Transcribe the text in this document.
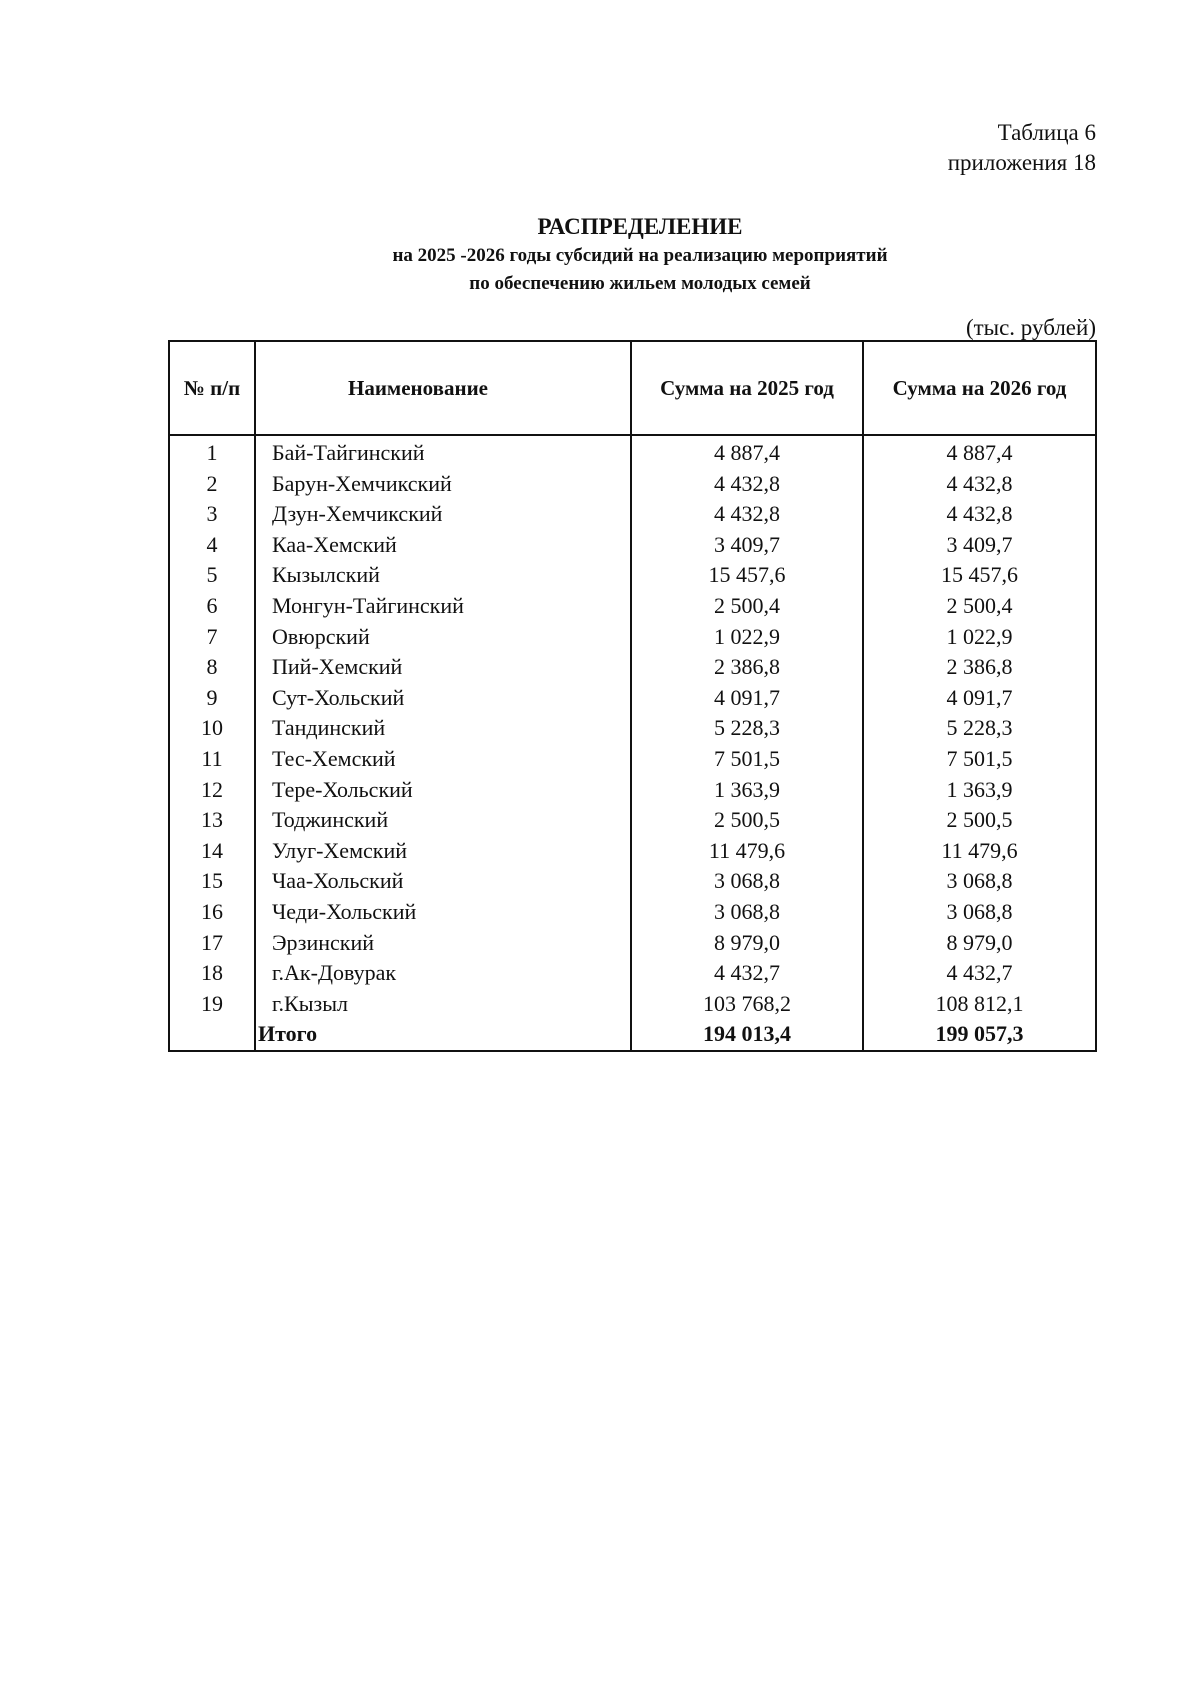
Таблица 6
приложения 18
РАСПРЕДЕЛЕНИЕ
на 2025 -2026 годы субсидий на реализацию мероприятий
по обеспечению жильем молодых семей
(тыс. рублей)
№ п/п	Наименование	Сумма на 2025 год	Сумма на 2026 год
1	Бай-Тайгинский	4 887,4	4 887,4
2	Барун-Хемчикский	4 432,8	4 432,8
3	Дзун-Хемчикский	4 432,8	4 432,8
4	Каа-Хемский	3 409,7	3 409,7
5	Кызылский	15 457,6	15 457,6
6	Монгун-Тайгинский	2 500,4	2 500,4
7	Овюрский	1 022,9	1 022,9
8	Пий-Хемский	2 386,8	2 386,8
9	Сут-Хольский	4 091,7	4 091,7
10	Тандинский	5 228,3	5 228,3
11	Тес-Хемский	7 501,5	7 501,5
12	Тере-Хольский	1 363,9	1 363,9
13	Тоджинский	2 500,5	2 500,5
14	Улуг-Хемский	11 479,6	11 479,6
15	Чаа-Хольский	3 068,8	3 068,8
16	Чеди-Хольский	3 068,8	3 068,8
17	Эрзинский	8 979,0	8 979,0
18	г.Ак-Довурак	4 432,7	4 432,7
19	г.Кызыл	103 768,2	108 812,1
	Итого	194 013,4	199 057,3
